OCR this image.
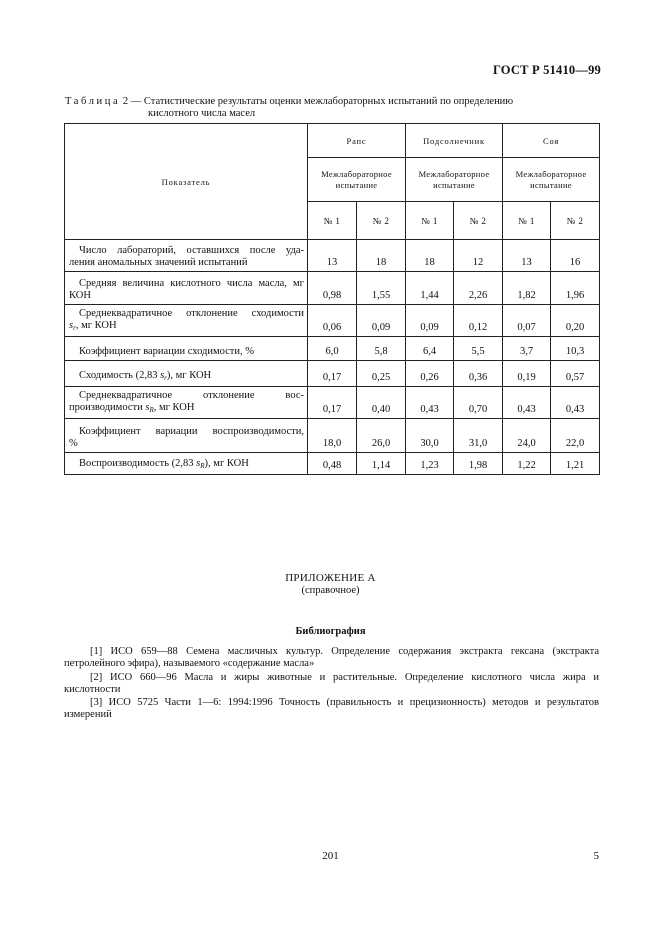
ГОСТ Р 51410—99
Таблица 2 — Статистические результаты оценки межлабораторных испытаний по определению
кислотного числа масел
Показатель	Рапс		Подсолнечник		Соя	
	Межлабораторное испытание		Межлабораторное испытание		Межлабораторное испытание	
	№ 1	№ 2	№ 1	№ 2	№ 1	№ 2

Число лабораторий, оставшихся после уда-
ления аномальных значений испытаний	13	18	18	12	13	16

Средняя величина кислотного числа масла, мг
КОН	0,98	1,55	1,44	2,26	1,82	1,96

Среднеквадратичное отклонение сходимости
sr, мг КОН	0,06	0,09	0,09	0,12	0,07	0,20

Коэффициент вариации сходимости, %	6,0	5,8	6,4	5,5	3,7	10,3

Сходимость (2,83 sr), мг КОН	0,17	0,25	0,26	0,36	0,19	0,57

Среднеквадратичное отклонение вос-
производимости sR, мг КОН	0,17	0,40	0,43	0,70	0,43	0,43

Коэффициент вариации воспроизводимости,
%	18,0	26,0	30,0	31,0	24,0	22,0

Воспроизводимость (2,83 sR), мг КОН	0,48	1,14	1,23	1,98	1,22	1,21
ПРИЛОЖЕНИЕ А
(справочное)
Библиография
[1] ИСО 659—88 Семена масличных культур. Определение содержания экстракта гексана (экстракта
петролейного эфира), называемого «содержание масла»
[2] ИСО 660—96 Масла и жиры животные и растительные. Определение кислотного числа жира и
кислотности
[3] ИСО 5725 Части 1—6: 1994:1996 Точность (правильность и прецизионность) методов и результатов
измерений
201	5
